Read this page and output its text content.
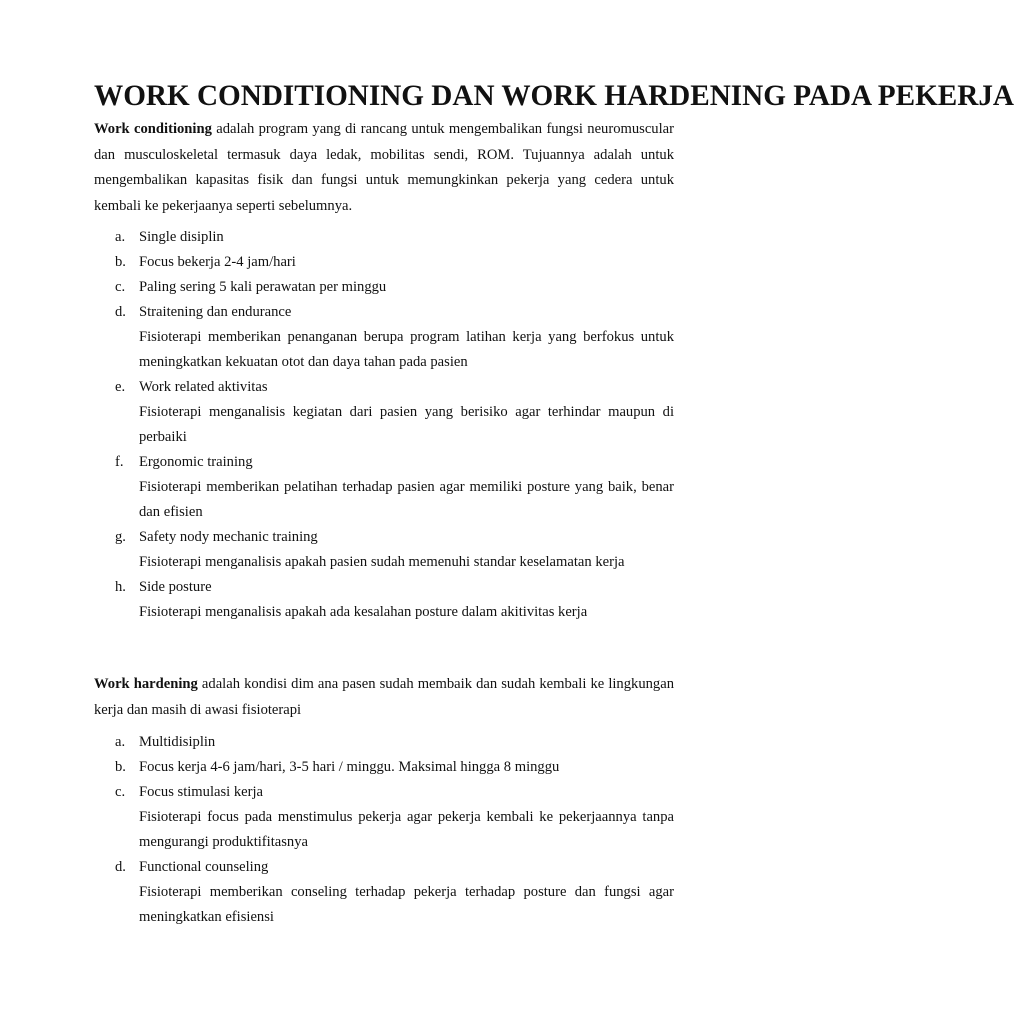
WORK CONDITIONING DAN WORK HARDENING PADA PEKERJA

Work conditioning adalah program yang di rancang untuk mengembalikan fungsi neuromuscular dan musculoskeletal termasuk daya ledak, mobilitas sendi, ROM. Tujuannya adalah untuk mengembalikan kapasitas fisik dan fungsi untuk memungkinkan pekerja yang cedera untuk kembali ke pekerjaanya seperti sebelumnya.

a. Single disiplin
b. Focus bekerja 2-4 jam/hari
c. Paling sering 5 kali perawatan per minggu
d. Straitening dan endurance
Fisioterapi memberikan penanganan berupa program latihan kerja yang berfokus untuk meningkatkan kekuatan otot dan daya tahan pada pasien
e. Work related aktivitas
Fisioterapi menganalisis kegiatan dari pasien yang berisiko agar terhindar maupun di perbaiki
f. Ergonomic training
Fisioterapi memberikan pelatihan terhadap pasien agar memiliki posture yang baik, benar dan efisien
g. Safety nody mechanic training
Fisioterapi menganalisis apakah pasien sudah memenuhi standar keselamatan kerja
h. Side posture
Fisioterapi menganalisis apakah ada kesalahan posture dalam akitivitas kerja

Work hardening adalah kondisi dim ana pasen sudah membaik dan sudah kembali ke lingkungan kerja dan masih di awasi fisioterapi

a. Multidisiplin
b. Focus kerja 4-6 jam/hari, 3-5 hari / minggu. Maksimal hingga 8 minggu
c. Focus stimulasi kerja
Fisioterapi focus pada menstimulus pekerja agar pekerja kembali ke pekerjaannya tanpa mengurangi produktifitasnya
d. Functional counseling
Fisioterapi memberikan conseling terhadap pekerja terhadap posture dan fungsi agar meningkatkan efisiensi
